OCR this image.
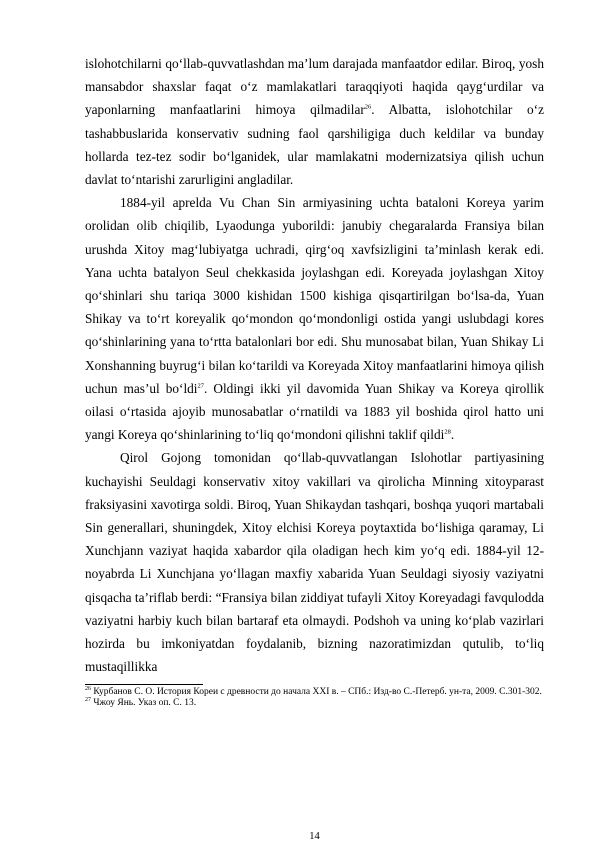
islohotchilarni qoʻllab-quvvatlashdan maʼlum darajada manfaatdor edilar. Biroq, yosh mansabdor shaxslar faqat oʻz mamlakatlari taraqqiyoti haqida qaygʻurdilar va yaponlarning manfaatlarini himoya qilmadilar$^{26}$. Albatta, islohotchilar oʻz tashabbuslarida konservativ sudning faol qarshiligiga duch keldilar va bunday hollarda tez-tez sodir boʻlganidek, ular mamlakatni modernizatsiya qilish uchun davlat toʻntarishi zarurligini angladilar.

1884-yil aprelda Vu Chan Sin armiyasining uchta bataloni Koreya yarim orolidan olib chiqilib, Lyaodunga yuborildi: janubiy chegaralarda Fransiya bilan urushda Xitoy magʻlubiyatga uchradi, qirgʻoq xavfsizligini taʼminlash kerak edi. Yana uchta batalyon Seul chekkasida joylashgan edi. Koreyada joylashgan Xitoy qoʻshinlari shu tariqa 3000 kishidan 1500 kishiga qisqartirilgan boʻlsa-da, Yuan Shikay va toʻrt koreyalik qoʻmondon qoʻmondonligi ostida yangi uslubdagi kores qoʻshinlarining yana toʻrtta batalonlari bor edi. Shu munosabat bilan, Yuan Shikay Li Xonshanning buyrugʻi bilan koʻtarildi va Koreyada Xitoy manfaatlarini himoya qilish uchun masʼul boʻldi$^{27}$. Oldingi ikki yil davomida Yuan Shikay va Koreya qirollik oilasi oʻrtasida ajoyib munosabatlar oʻrnatildi va 1883 yil boshida qirol hatto uni yangi Koreya qoʻshinlarining toʻliq qoʻmondoni qilishni taklif qildi$^{28}$.

Qirol Gojong tomonidan qoʻllab-quvvatlangan Islohotlar partiyasining kuchayishi Seuldagi konservativ xitoy vakillari va qirolicha Minning xitoyparast fraksiyasini xavotirga soldi. Biroq, Yuan Shikaydan tashqari, boshqa yuqori martabali Sin generallari, shuningdek, Xitoy elchisi Koreya poytaxtida boʻlishiga qaramay, Li Xunchjann vaziyat haqida xabardor qila oladigan hech kim yoʻq edi. 1884-yil 12-noyabrda Li Xunchjana yoʻllagan maxfiy xabarida Yuan Seuldagi siyosiy vaziyatni qisqacha taʼriflab berdi: “Fransiya bilan ziddiyat tufayli Xitoy Koreyadagi favqulodda vaziyatni harbiy kuch bilan bartaraf eta olmaydi. Podshoh va uning koʻplab vazirlari hozirda bu imkoniyatdan foydalanib, bizning nazoratimizdan qutulib, toʻliq mustaqillikka

$^{26}$ Курбанов С. О. История Кореи с древности до начала XXI в. – СПб.: Изд-во С.-Петерб. ун-та, 2009. С.301-302.

$^{27}$ Чжоу Янь. Указ оп. С. 13.

14
